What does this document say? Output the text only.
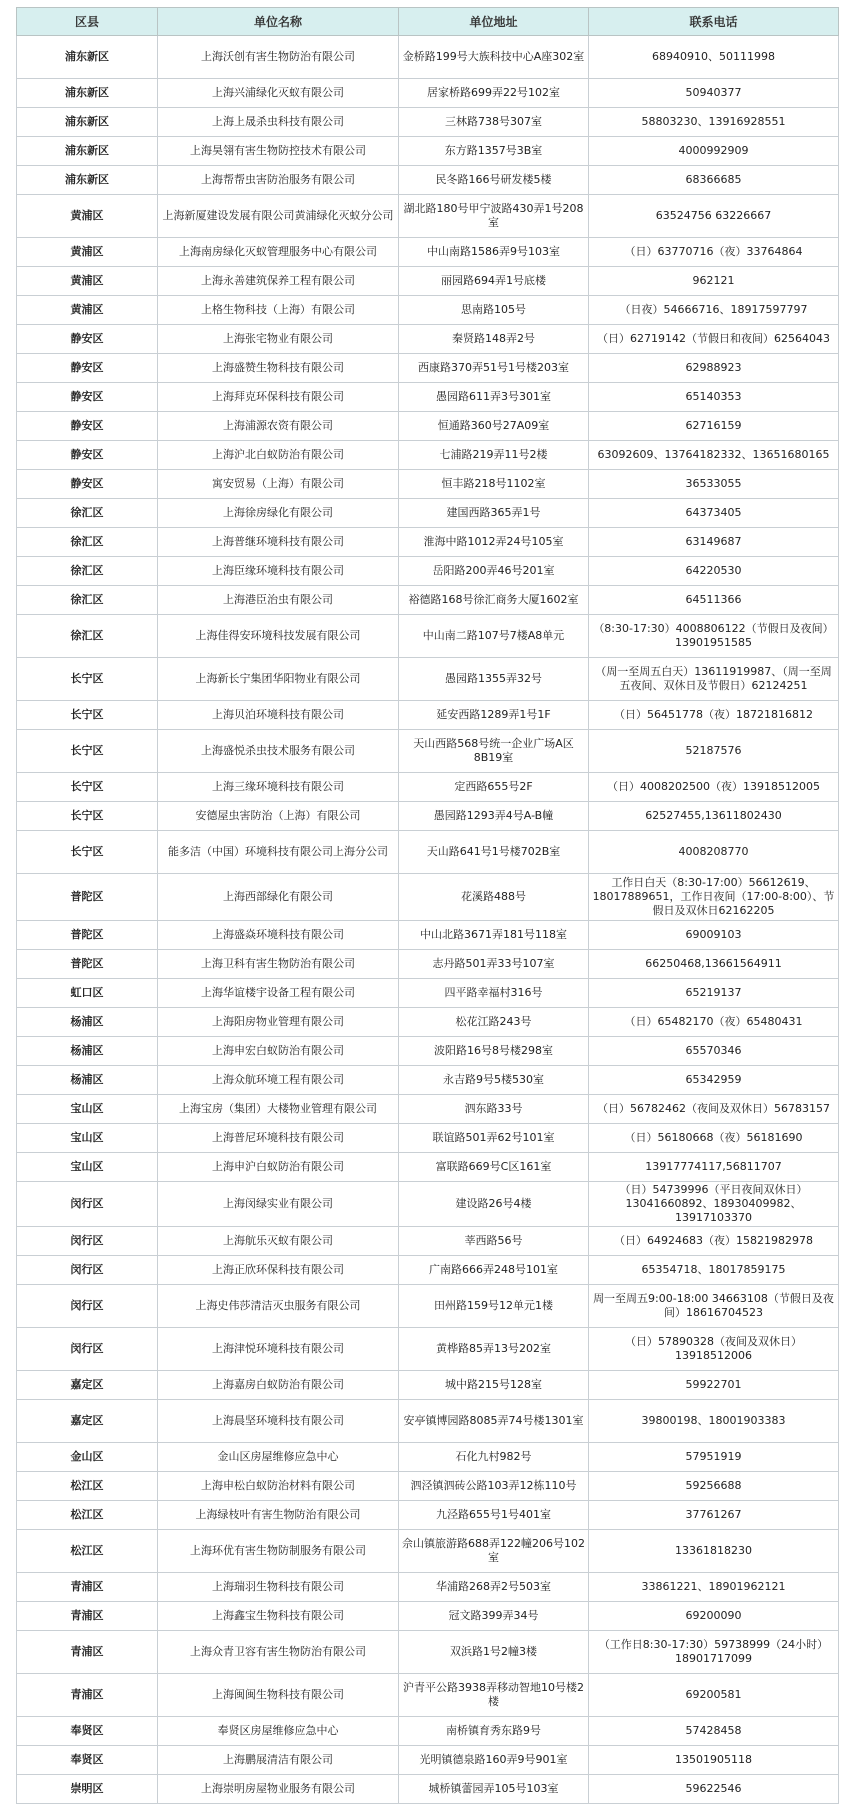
区县	单位名称	单位地址	联系电话
浦东新区	上海沃创有害生物防治有限公司	金桥路199号大族科技中心A座302室	68940910、50111998
浦东新区	上海兴浦绿化灭蚁有限公司	居家桥路699弄22号102室	50940377
浦东新区	上海上晟杀虫科技有限公司	三林路738号307室	58803230、13916928551
浦东新区	上海昊翎有害生物防控技术有限公司	东方路1357号3B室	4000992909
浦东新区	上海帮帮虫害防治服务有限公司	民冬路166号研发楼5楼	68366685
黄浦区	上海新厦建设发展有限公司黄浦绿化灭蚁分公司	湖北路180号甲宁波路430弄1号208室	63524756 63226667
黄浦区	上海南房绿化灭蚁管理服务中心有限公司	中山南路1586弄9号103室	（日）63770716（夜）33764864
黄浦区	上海永善建筑保养工程有限公司	丽园路694弄1号底楼	962121
黄浦区	上格生物科技（上海）有限公司	思南路105号	（日夜）54666716、18917597797
静安区	上海张宅物业有限公司	秦贤路148弄2号	（日）62719142（节假日和夜间）62564043
静安区	上海盛赞生物科技有限公司	西康路370弄51号1号楼203室	62988923
静安区	上海拜克环保科技有限公司	愚园路611弄3号301室	65140353
静安区	上海浦源农资有限公司	恒通路360号27A09室	62716159
静安区	上海沪北白蚁防治有限公司	七浦路219弄11号2楼	63092609、13764182332、13651680165
静安区	寓安贸易（上海）有限公司	恒丰路218号1102室	36533055
徐汇区	上海徐房绿化有限公司	建国西路365弄1号	64373405
徐汇区	上海普继环境科技有限公司	淮海中路1012弄24号105室	63149687
徐汇区	上海臣缘环境科技有限公司	岳阳路200弄46号201室	64220530
徐汇区	上海港臣治虫有限公司	裕德路168号徐汇商务大厦1602室	64511366
徐汇区	上海佳得安环境科技发展有限公司	中山南二路107号7楼A8单元	（8:30-17:30）4008806122（节假日及夜间）13901951585
长宁区	上海新长宁集团华阳物业有限公司	愚园路1355弄32号	（周一至周五白天）13611919987、（周一至周五夜间、双休日及节假日）62124251
长宁区	上海贝泊环境科技有限公司	延安西路1289弄1号1F	（日）56451778（夜）18721816812
长宁区	上海盛悦杀虫技术服务有限公司	天山西路568号统一企业广场A区8B19室	52187576
长宁区	上海三缘环境科技有限公司	定西路655号2F	（日）4008202500（夜）13918512005
长宁区	安德屋虫害防治（上海）有限公司	愚园路1293弄4号A-B幢	62527455,13611802430
长宁区	能多洁（中国）环境科技有限公司上海分公司	天山路641号1号楼702B室	4008208770
普陀区	上海西部绿化有限公司	花溪路488号	工作日白天（8:30-17:00）56612619、18017889651，工作日夜间（17:00-8:00）、节假日及双休日62162205
普陀区	上海盛焱环境科技有限公司	中山北路3671弄181号118室	69009103
普陀区	上海卫科有害生物防治有限公司	志丹路501弄33号107室	66250468,13661564911
虹口区	上海华谊楼宇设备工程有限公司	四平路幸福村316号	65219137
杨浦区	上海阳房物业管理有限公司	松花江路243号	（日）65482170（夜）65480431
杨浦区	上海申宏白蚁防治有限公司	波阳路16号8号楼298室	65570346
杨浦区	上海众航环境工程有限公司	永吉路9号5楼530室	65342959
宝山区	上海宝房（集团）大楼物业管理有限公司	泗东路33号	（日）56782462（夜间及双休日）56783157
宝山区	上海普尼环境科技有限公司	联谊路501弄62号101室	（日）56180668（夜）56181690
宝山区	上海申沪白蚁防治有限公司	富联路669号C区161室	13917774117,56811707
闵行区	上海闵绿实业有限公司	建设路26号4楼	（日）54739996（平日夜间双休日）13041660892、18930409982、13917103370
闵行区	上海航乐灭蚁有限公司	莘西路56号	（日）64924683（夜）15821982978
闵行区	上海正欣环保科技有限公司	广南路666弄248号101室	65354718、18017859175
闵行区	上海史伟莎清洁灭虫服务有限公司	田州路159号12单元1楼	周一至周五9:00-18:00 34663108（节假日及夜间）18616704523
闵行区	上海津悦环境科技有限公司	黄桦路85弄13号202室	（日）57890328（夜间及双休日）13918512006
嘉定区	上海嘉房白蚁防治有限公司	城中路215号128室	59922701
嘉定区	上海晨坚环境科技有限公司	安亭镇博园路8085弄74号楼1301室	39800198、18001903383
金山区	金山区房屋维修应急中心	石化九村982号	57951919
松江区	上海申松白蚁防治材料有限公司	泗泾镇泗砖公路103弄12栋110号	59256688
松江区	上海绿枝叶有害生物防治有限公司	九泾路655号1号401室	37761267
松江区	上海环优有害生物防制服务有限公司	佘山镇旅游路688弄122幢206号102室	13361818230
青浦区	上海瑞羽生物科技有限公司	华浦路268弄2号503室	33861221、18901962121
青浦区	上海鑫宝生物科技有限公司	冠文路399弄34号	69200090
青浦区	上海众青卫容有害生物防治有限公司	双浜路1号2幢3楼	（工作日8:30-17:30）59738999（24小时）18901717099
青浦区	上海闽闽生物科技有限公司	沪青平公路3938弄移动智地10号楼2楼	69200581
奉贤区	奉贤区房屋维修应急中心	南桥镇育秀东路9号	57428458
奉贤区	上海鹏展清洁有限公司	光明镇德泉路160弄9号901室	13501905118
崇明区	上海崇明房屋物业服务有限公司	城桥镇蕾园弄105号103室	59622546
